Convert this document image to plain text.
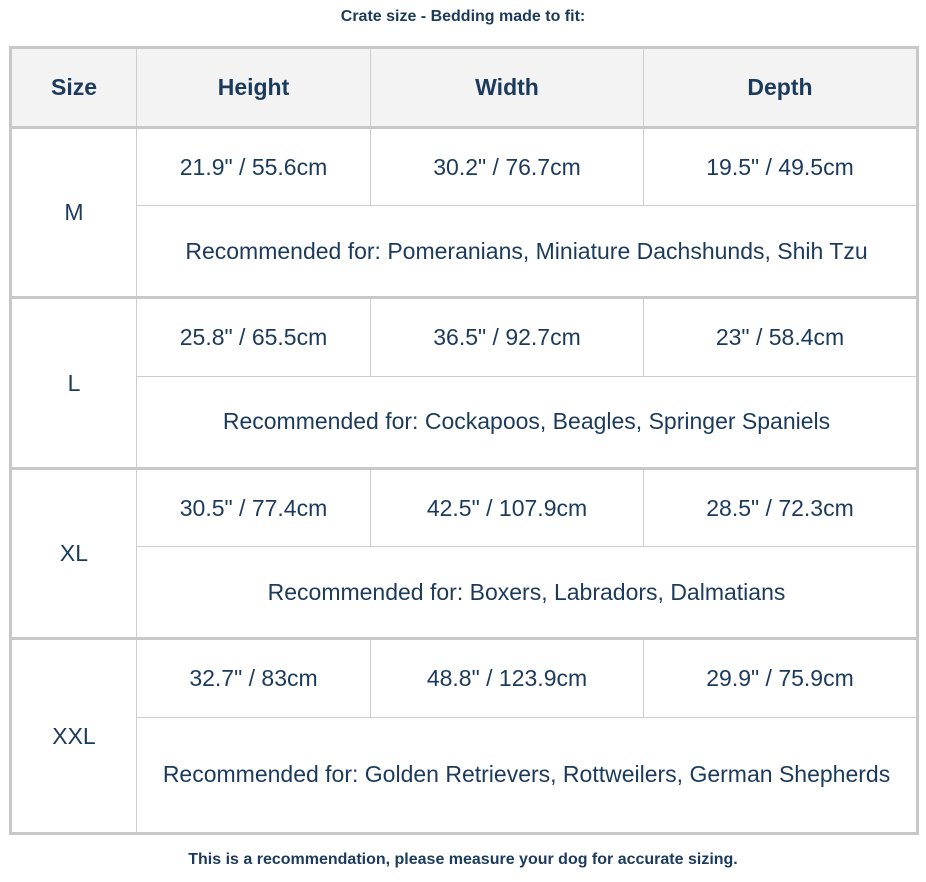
Crate size - Bedding made to fit:
Size	Height	Width	Depth
M	21.9" / 55.6cm	30.2" / 76.7cm	19.5" / 49.5cm
	Recommended for: Pomeranians, Miniature Dachshunds, Shih Tzu		
L	25.8" / 65.5cm	36.5" / 92.7cm	23" / 58.4cm
	Recommended for: Cockapoos, Beagles, Springer Spaniels		
XL	30.5" / 77.4cm	42.5" / 107.9cm	28.5" / 72.3cm
	Recommended for: Boxers, Labradors, Dalmatians		
XXL	32.7" / 83cm	48.8" / 123.9cm	29.9" / 75.9cm
	Recommended for: Golden Retrievers, Rottweilers, German Shepherds		
This is a recommendation, please measure your dog for accurate sizing.
